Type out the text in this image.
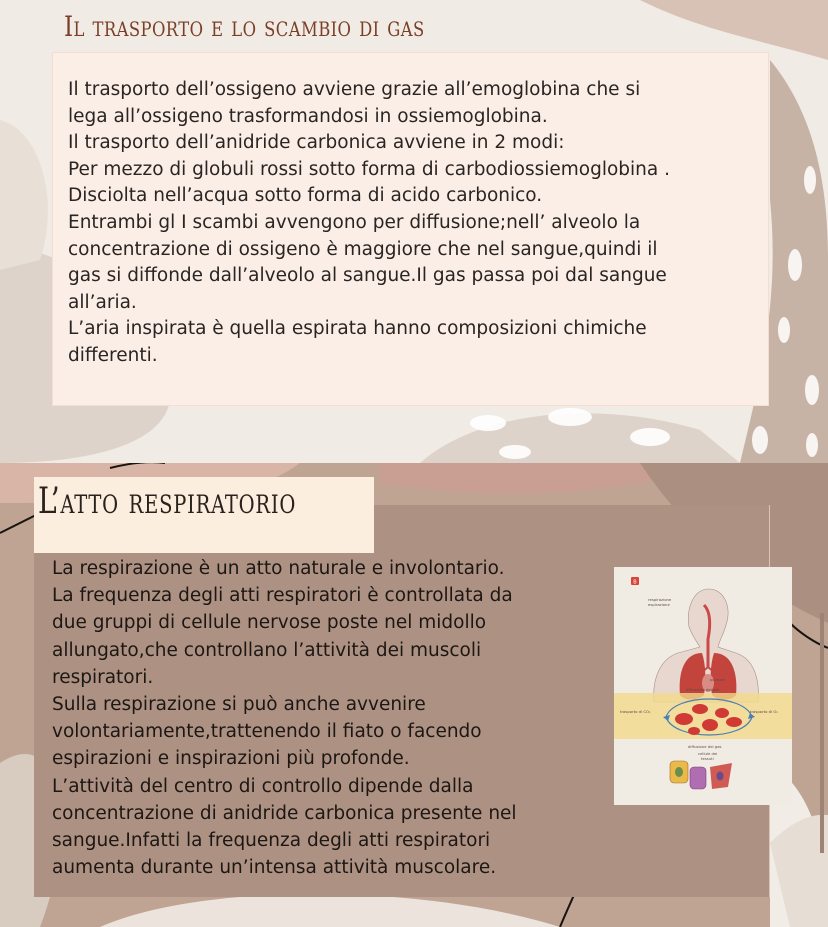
Il trasporto e lo scambio di gas

Il trasporto dell’ossigeno avviene grazie all’emoglobina che si

lega all’ossigeno trasformandosi in ossiemoglobina.

Il trasporto dell’anidride carbonica avviene in 2 modi:

Per mezzo di globuli rossi sotto forma di carbodiossiemoglobina .

Disciolta nell’acqua sotto forma di acido carbonico.

Entrambi gl I scambi avvengono per diffusione;nell’ alveolo la

concentrazione di ossigeno è maggiore che nel sangue,quindi il

gas si diffonde dall’alveolo al sangue.Il gas passa poi dal sangue

all’aria.

L’aria inspirata è quella espirata hanno composizioni chimiche

differenti.

La respirazione è un atto naturale e involontario.

La frequenza degli atti respiratori è controllata da

due gruppi di cellule nervose poste nel midollo

allungato,che controllano l’attività dei muscoli

respiratori.

Sulla respirazione si può anche avvenire

volontariamente,trattenendo il fiato o facendo

espirazioni e inspirazioni più profonde.

L’attività del centro di controllo dipende dalla

concentrazione di anidride carbonica presente nel

sangue.Infatti la frequenza degli atti respiratori

aumenta durante un’intensa attività muscolare.

L’atto respiratorio
B
respirazione
espirazione
polmoni
diffusione dei gas
trasporto di CO₂	trasporto di O₂
diffusione dei gas
cellule dei
tessuti
